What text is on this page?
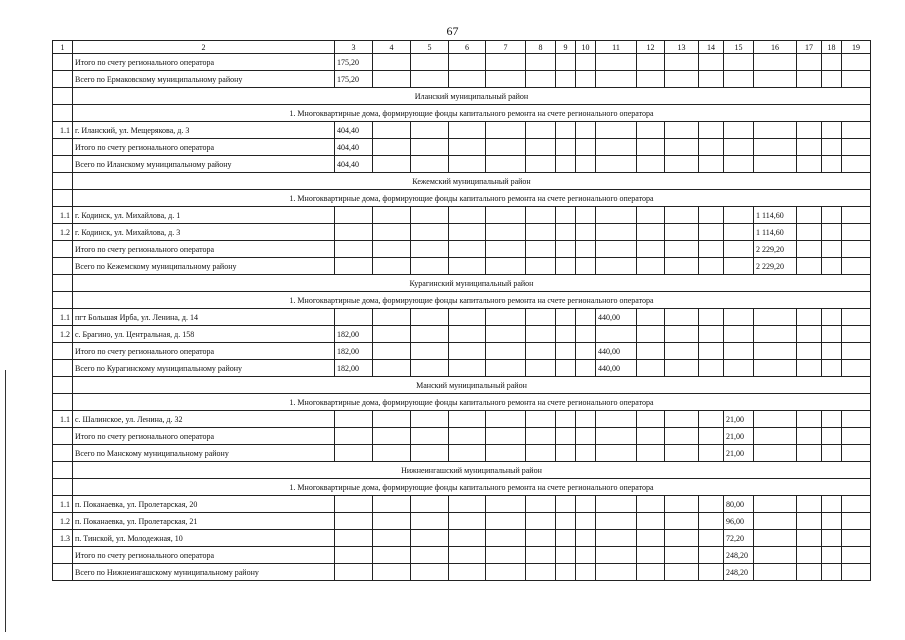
67
1	2	3	4	5	6	7	8	9	10	11	12	13	14	15	16	17	18	19
	Итого по счету регионального оператора	175,20																
	Всего по Ермаковскому муниципальному району	175,20																
	Иланский муниципальный район																	
	1. Многоквартирные дома, формирующие фонды капитального ремонта на счете регионального оператора																	
1.1	г. Иланский, ул. Мещерякова, д. 3	404,40																
	Итого по счету регионального оператора	404,40																
	Всего по Иланскому муниципальному району	404,40																
	Кежемский муниципальный район																	
	1. Многоквартирные дома, формирующие фонды капитального ремонта на счете регионального оператора																	
1.1	г. Кодинск, ул. Михайлова, д. 1														1 114,60			
1.2	г. Кодинск, ул. Михайлова, д. 3														1 114,60			
	Итого по счету регионального оператора														2 229,20			
	Всего по Кежемскому муниципальному району														2 229,20			
	Курагинский муниципальный район																	
	1. Многоквартирные дома, формирующие фонды капитального ремонта на счете регионального оператора																	
1.1	пгт Большая Ирба, ул. Ленина, д. 14									440,00								
1.2	с. Брагино, ул. Центральная, д. 158	182,00																
	Итого по счету регионального оператора	182,00								440,00								
	Всего по Курагинскому муниципальному району	182,00								440,00								
	Манский муниципальный район																	
	1. Многоквартирные дома, формирующие фонды капитального ремонта на счете регионального оператора																	
1.1	с. Шалинское, ул. Ленина, д. 32													21,00				
	Итого по счету регионального оператора													21,00				
	Всего по Манскому муниципальному району													21,00				
	Нижнеингашский муниципальный район																	
	1. Многоквартирные дома, формирующие фонды капитального ремонта на счете регионального оператора																	
1.1	п. Поканаевка, ул. Пролетарская, 20													80,00				
1.2	п. Поканаевка, ул. Пролетарская, 21													96,00				
1.3	п. Тинской, ул. Молодежная, 10													72,20				
	Итого по счету регионального оператора													248,20				
	Всего по Нижнеингашскому муниципальному району													248,20				
